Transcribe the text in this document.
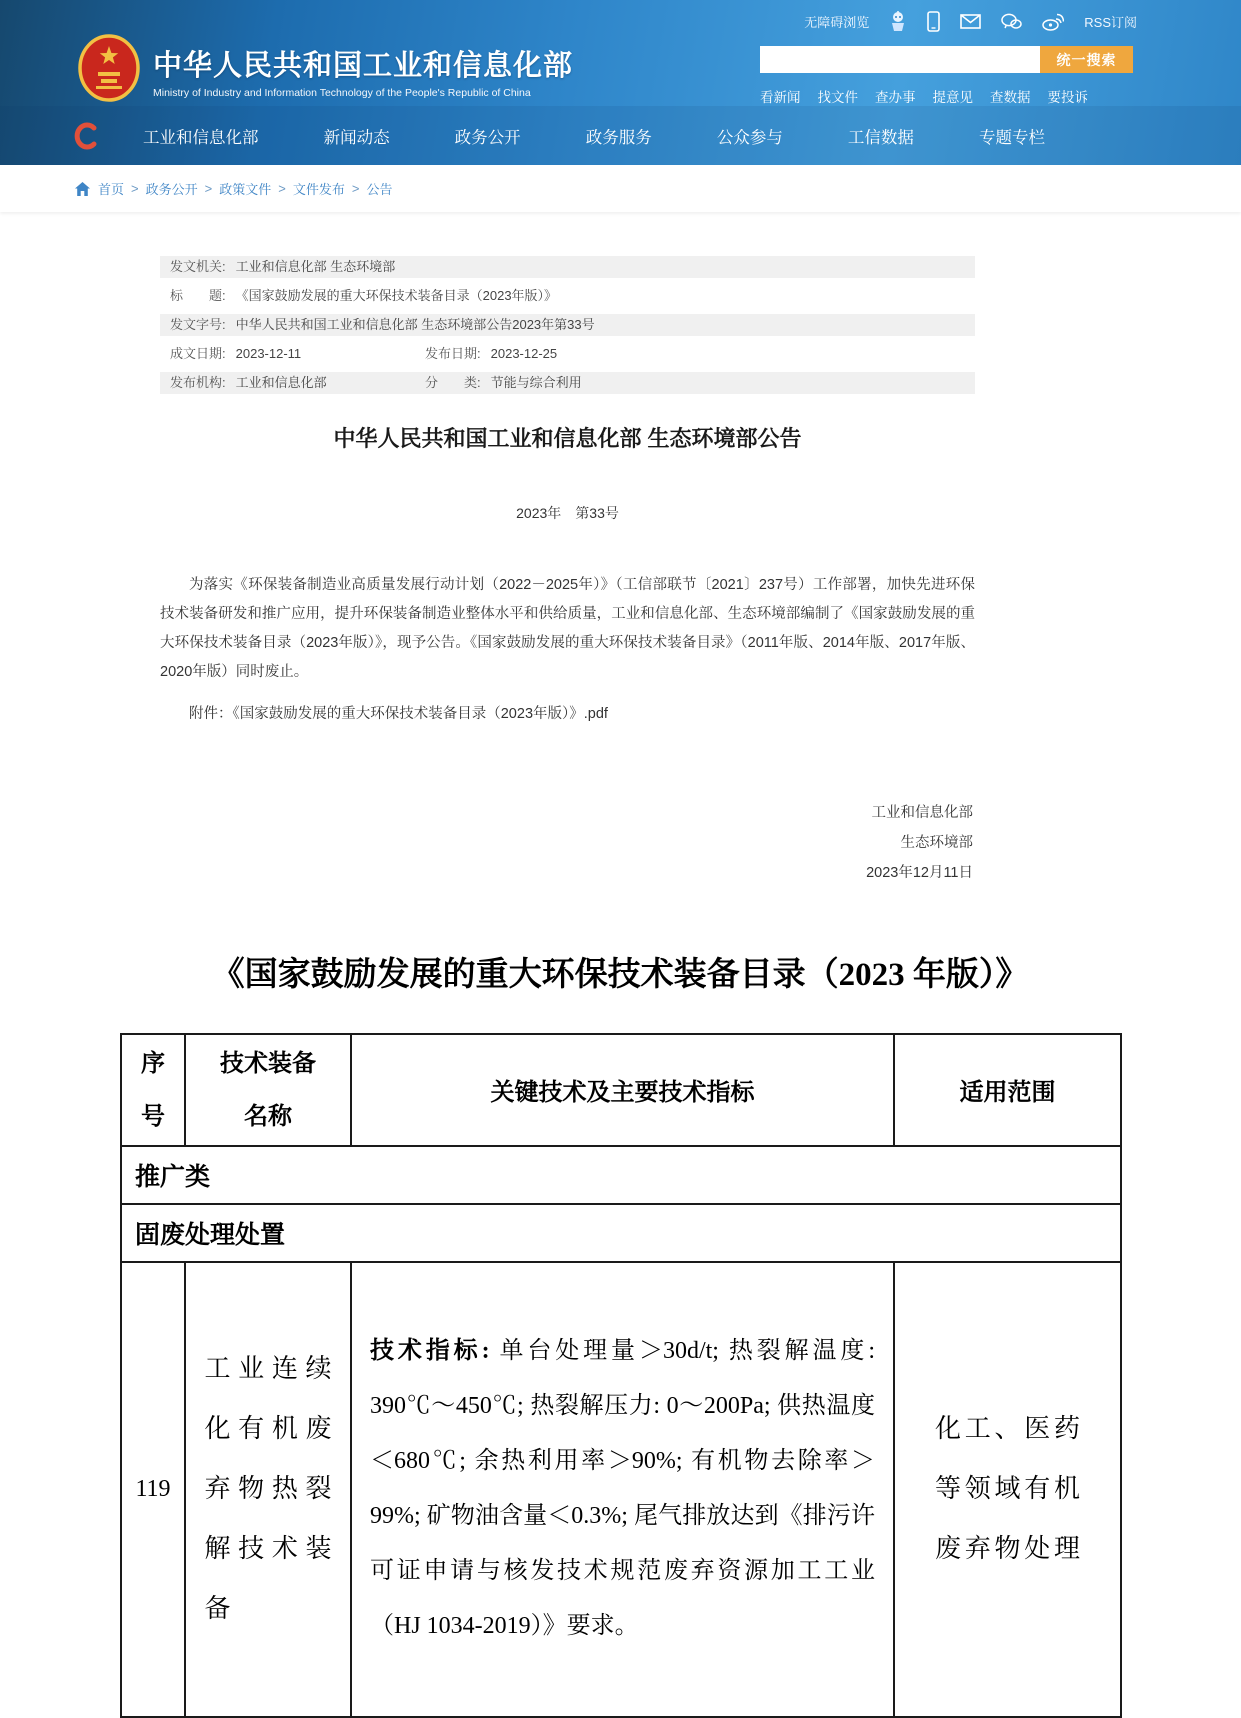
无障碍浏览	RSS订阅
中华人民共和国工业和信息化部
Ministry of Industry and Information Technology of the People's Republic of China
统一搜索
看新闻 找文件 查办事 提意见 查数据 要投诉
工业和信息化部	新闻动态	政务公开	政务服务	公众参与	工信数据	专题专栏
首页 > 政务公开 > 政策文件 > 文件发布 > 公告
发文机关: 工业和信息化部 生态环境部
标　　题: 《国家鼓励发展的重大环保技术装备目录（2023年版）》
发文字号: 中华人民共和国工业和信息化部 生态环境部公告2023年第33号
成文日期: 2023-12-11	发布日期: 2023-12-25
发布机构: 工业和信息化部	分　　类: 节能与综合利用
中华人民共和国工业和信息化部 生态环境部公告
2023年　第33号

为落实《环保装备制造业高质量发展行动计划（2022－2025年）》（工信部联节〔2021〕237号）工作部署，加快先进环保技术装备研发和推广应用，提升环保装备制造业整体水平和供给质量，工业和信息化部、生态环境部编制了《国家鼓励发展的重大环保技术装备目录（2023年版）》，现予公告。《国家鼓励发展的重大环保技术装备目录》（2011年版、2014年版、2017年版、2020年版）同时废止。

附件：《国家鼓励发展的重大环保技术装备目录（2023年版）》.pdf

工业和信息化部
生态环境部
2023年12月11日
《国家鼓励发展的重大环保技术装备目录（2023 年版）》
序号	技术装备名称	关键技术及主要技术指标	适用范围
推广类			
固废处理处置			
119	工业连续化有机废弃物热裂解技术装备	技术指标: 单台处理量＞30d/t; 热裂解温度: 390℃～450℃; 热裂解压力: 0～200Pa; 供热温度＜680℃; 余热利用率＞90%; 有机物去除率＞99%; 矿物油含量＜0.3%; 尾气排放达到《排污许可证申请与核发技术规范废弃资源加工工业（HJ 1034-2019）》要求。	化工、医药等领域有机废弃物处理
